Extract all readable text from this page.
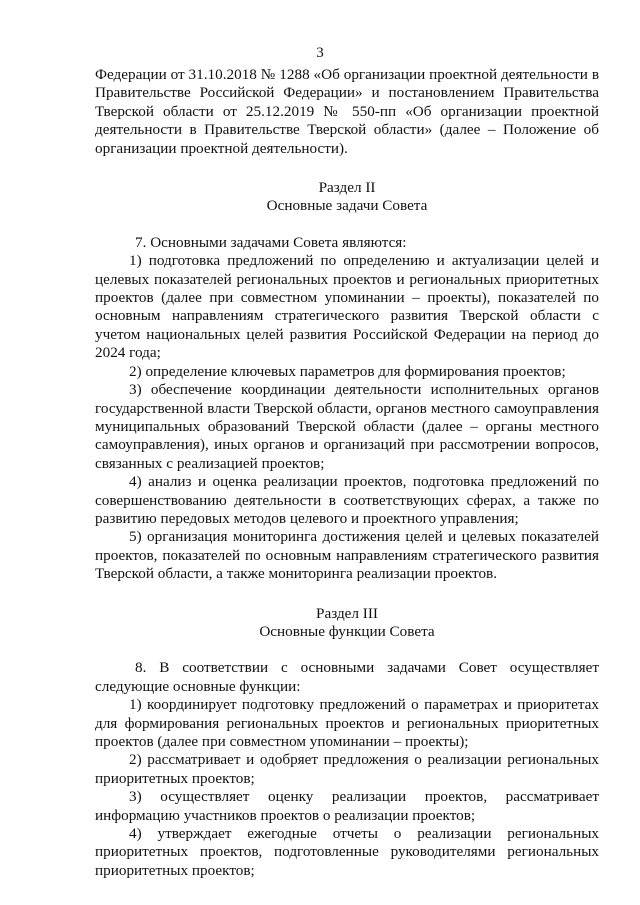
3

Федерации от 31.10.2018 № 1288 «Об организации проектной деятельности в Правительстве Российской Федерации» и постановлением Правительства Тверской области от 25.12.2019 № 550-пп «Об организации проектной деятельности в Правительстве Тверской области» (далее – Положение об организации проектной деятельности).

Раздел II

Основные задачи Совета

7. Основными задачами Совета являются:

1) подготовка предложений по определению и актуализации целей и целевых показателей региональных проектов и региональных приоритетных проектов (далее при совместном упоминании – проекты), показателей по основным направлениям стратегического развития Тверской области с учетом национальных целей развития Российской Федерации на период до 2024 года;

2) определение ключевых параметров для формирования проектов;

3) обеспечение координации деятельности исполнительных органов государственной власти Тверской области, органов местного самоуправления муниципальных образований Тверской области (далее – органы местного самоуправления), иных органов и организаций при рассмотрении вопросов, связанных с реализацией проектов;

4) анализ и оценка реализации проектов, подготовка предложений по совершенствованию деятельности в соответствующих сферах, а также по развитию передовых методов целевого и проектного управления;

5) организация мониторинга достижения целей и целевых показателей проектов, показателей по основным направлениям стратегического развития Тверской области, а также мониторинга реализации проектов.

Раздел III

Основные функции Совета

8. В соответствии с основными задачами Совет осуществляет следующие основные функции:

1) координирует подготовку предложений о параметрах и приоритетах для формирования региональных проектов и региональных приоритетных проектов (далее при совместном упоминании – проекты);

2) рассматривает и одобряет предложения о реализации региональных приоритетных проектов;

3) осуществляет оценку реализации проектов, рассматривает информацию участников проектов о реализации проектов;

4) утверждает ежегодные отчеты о реализации региональных приоритетных проектов, подготовленные руководителями региональных приоритетных проектов;
